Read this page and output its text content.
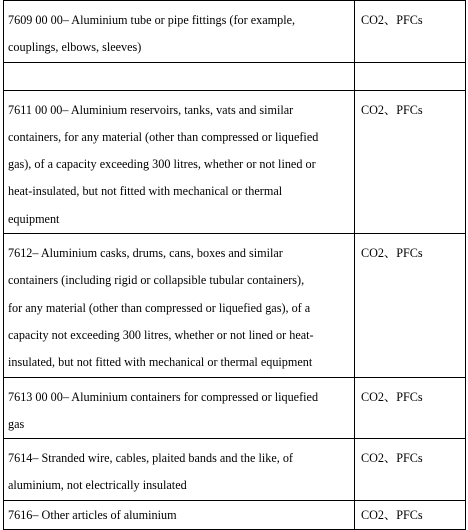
7609 00 00– Aluminium tube or pipe fittings (for example,
couplings, elbows, sleeves)	CO2、PFCs

7611 00 00– Aluminium reservoirs, tanks, vats and similar
containers, for any material (other than compressed or liquefied
gas), of a capacity exceeding 300 litres, whether or not lined or
heat-insulated, but not fitted with mechanical or thermal
equipment	CO2、PFCs

7612– Aluminium casks, drums, cans, boxes and similar
containers (including rigid or collapsible tubular containers),
for any material (other than compressed or liquefied gas), of a
capacity not exceeding 300 litres, whether or not lined or heat-
insulated, but not fitted with mechanical or thermal equipment	CO2、PFCs

7613 00 00– Aluminium containers for compressed or liquefied
gas	CO2、PFCs

7614– Stranded wire, cables, plaited bands and the like, of
aluminium, not electrically insulated	CO2、PFCs

7616– Other articles of aluminium	CO2、PFCs
